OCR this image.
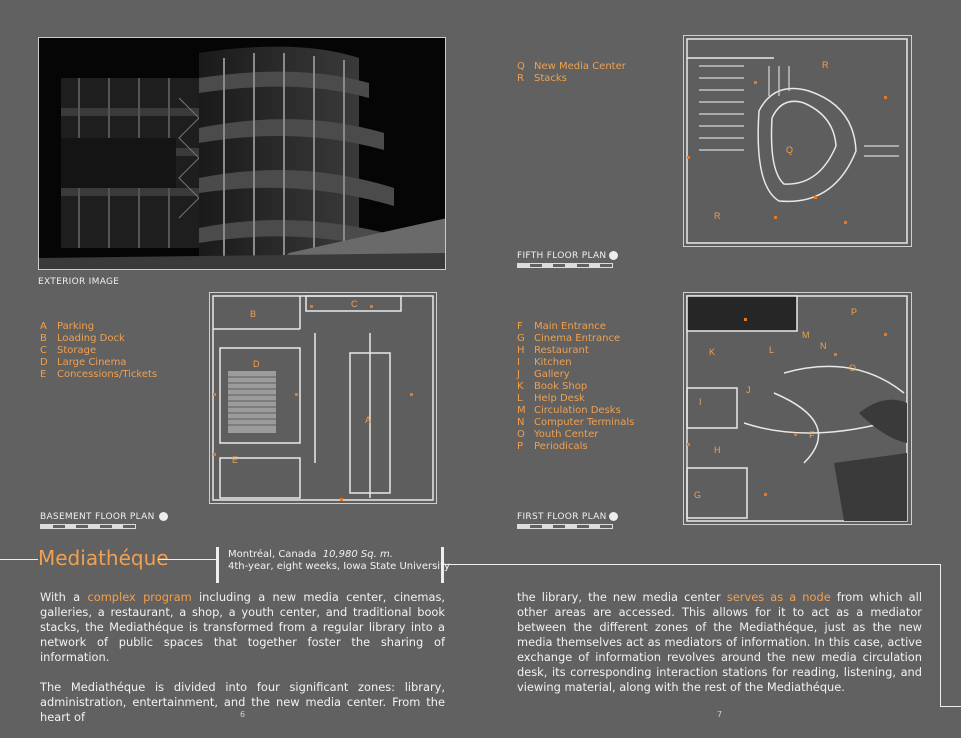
EXTERIOR IMAGE
B
C
D
A
E
A Parking
B Loading Dock
C Storage
D Large Cinema
E Concessions/Tickets
BASEMENT FLOOR PLAN
Q New Media Center
R Stacks
R
Q
R
FIFTH FLOOR PLAN
F Main Entrance
G Cinema Entrance
H Restaurant
I Kitchen
J Gallery
K Book Shop
L Help Desk
M Circulation Desks
N Computer Terminals
O Youth Center
P Periodicals
P
M
N
L
K
O
J
I
H
G
F
FIRST FLOOR PLAN
Mediathéque	Montréal, Canada 10,980 Sq. m.
4th-year, eight weeks, Iowa State University

With a complex program including a new media center, cinemas, galleries, a restaurant, a shop, a youth center, and traditional book stacks, the Mediathéque is transformed from a regular library into a network of public spaces that together foster the sharing of information.

The Mediathéque is divided into four significant zones: library, administration, entertainment, and the new media center. From the heart of

the library, the new media center serves as a node from which all other areas are accessed. This allows for it to act as a mediator between the different zones of the Mediathéque, just as the new media themselves act as mediators of information. In this case, active exchange of information revolves around the new media circulation desk, its corresponding interaction stations for reading, listening, and viewing material, along with the rest of the Mediathéque.

6	7
